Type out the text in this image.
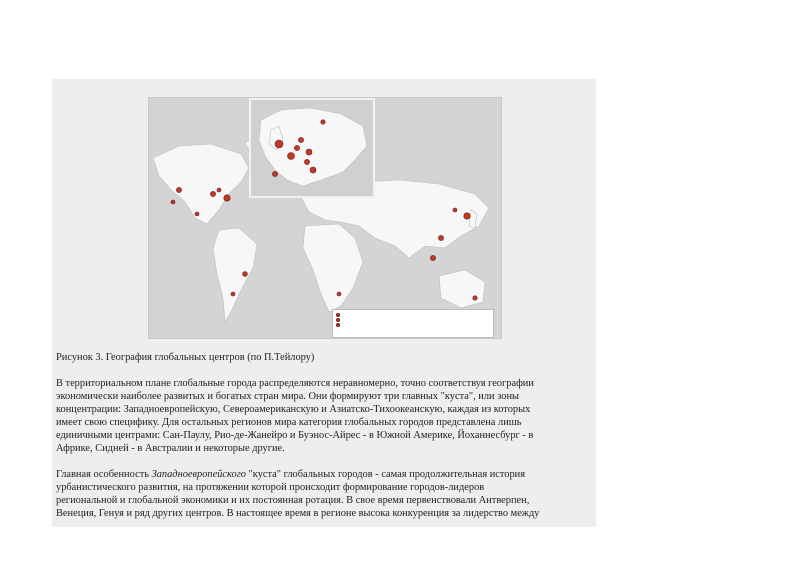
Рисунок 3. География глобальных центров (по П.Тейлору)
В территориальном плане глобальные города распределяются неравномерно, точно соответствуя географии
экономически наиболее развитых и богатых стран мира. Они формируют три главных "куста", или зоны
концентрации: Западноевропейскую, Североамериканскую и Азиатско-Тихоокеанскую, каждая из которых
имеет свою специфику. Для остальных регионов мира категория глобальных городов представлена лишь
единичными центрами: Сан-Паулу, Рио-де-Жанейро и Буэнос-Айрес - в Южной Америке, Йоханнесбург - в
Африке, Сидней - в Австралии и некоторые другие.
Главная особенность Западноевропейского "куста" глобальных городов - самая продолжительная история
урбанистического развития, на протяжении которой происходит формирование городов-лидеров
региональной и глобальной экономики и их постоянная ротация. В свое время первенствовали Антверпен,
Венеция, Генуя и ряд других центров. В настоящее время в регионе высока конкуренция за лидерство между
